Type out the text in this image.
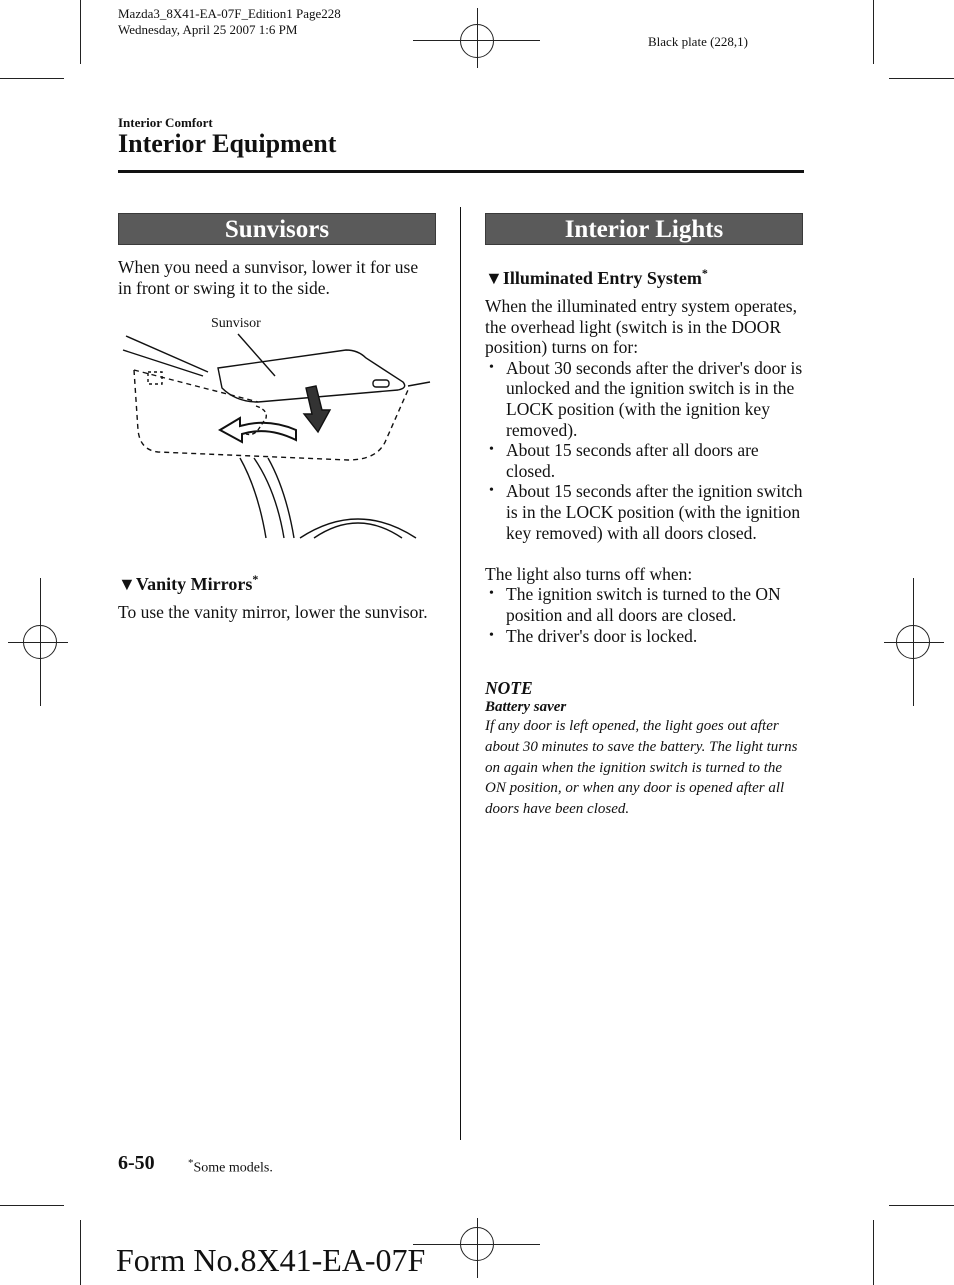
Mazda3_8X41-EA-07F_Edition1 Page228
Wednesday, April 25 2007 1:6 PM
Black plate (228,1)
Interior Comfort
Interior Equipment
Sunvisors
When you need a sunvisor, lower it for use in front or swing it to the side.
Sunvisor
▼Vanity Mirrors*
To use the vanity mirror, lower the sunvisor.
Interior Lights
▼Illuminated Entry System*
When the illuminated entry system operates, the overhead light (switch is in the DOOR position) turns on for:
• About 30 seconds after the driver's door is unlocked and the ignition switch is in the LOCK position (with the ignition key removed).
• About 15 seconds after all doors are closed.
• About 15 seconds after the ignition switch is in the LOCK position (with the ignition key removed) with all doors closed.
The light also turns off when:
• The ignition switch is turned to the ON position and all doors are closed.
• The driver's door is locked.
NOTE
Battery saver
If any door is left opened, the light goes out after about 30 minutes to save the battery. The light turns on again when the ignition switch is turned to the ON position, or when any door is opened after all doors have been closed.
6-50	*Some models.
Form No.8X41-EA-07F
